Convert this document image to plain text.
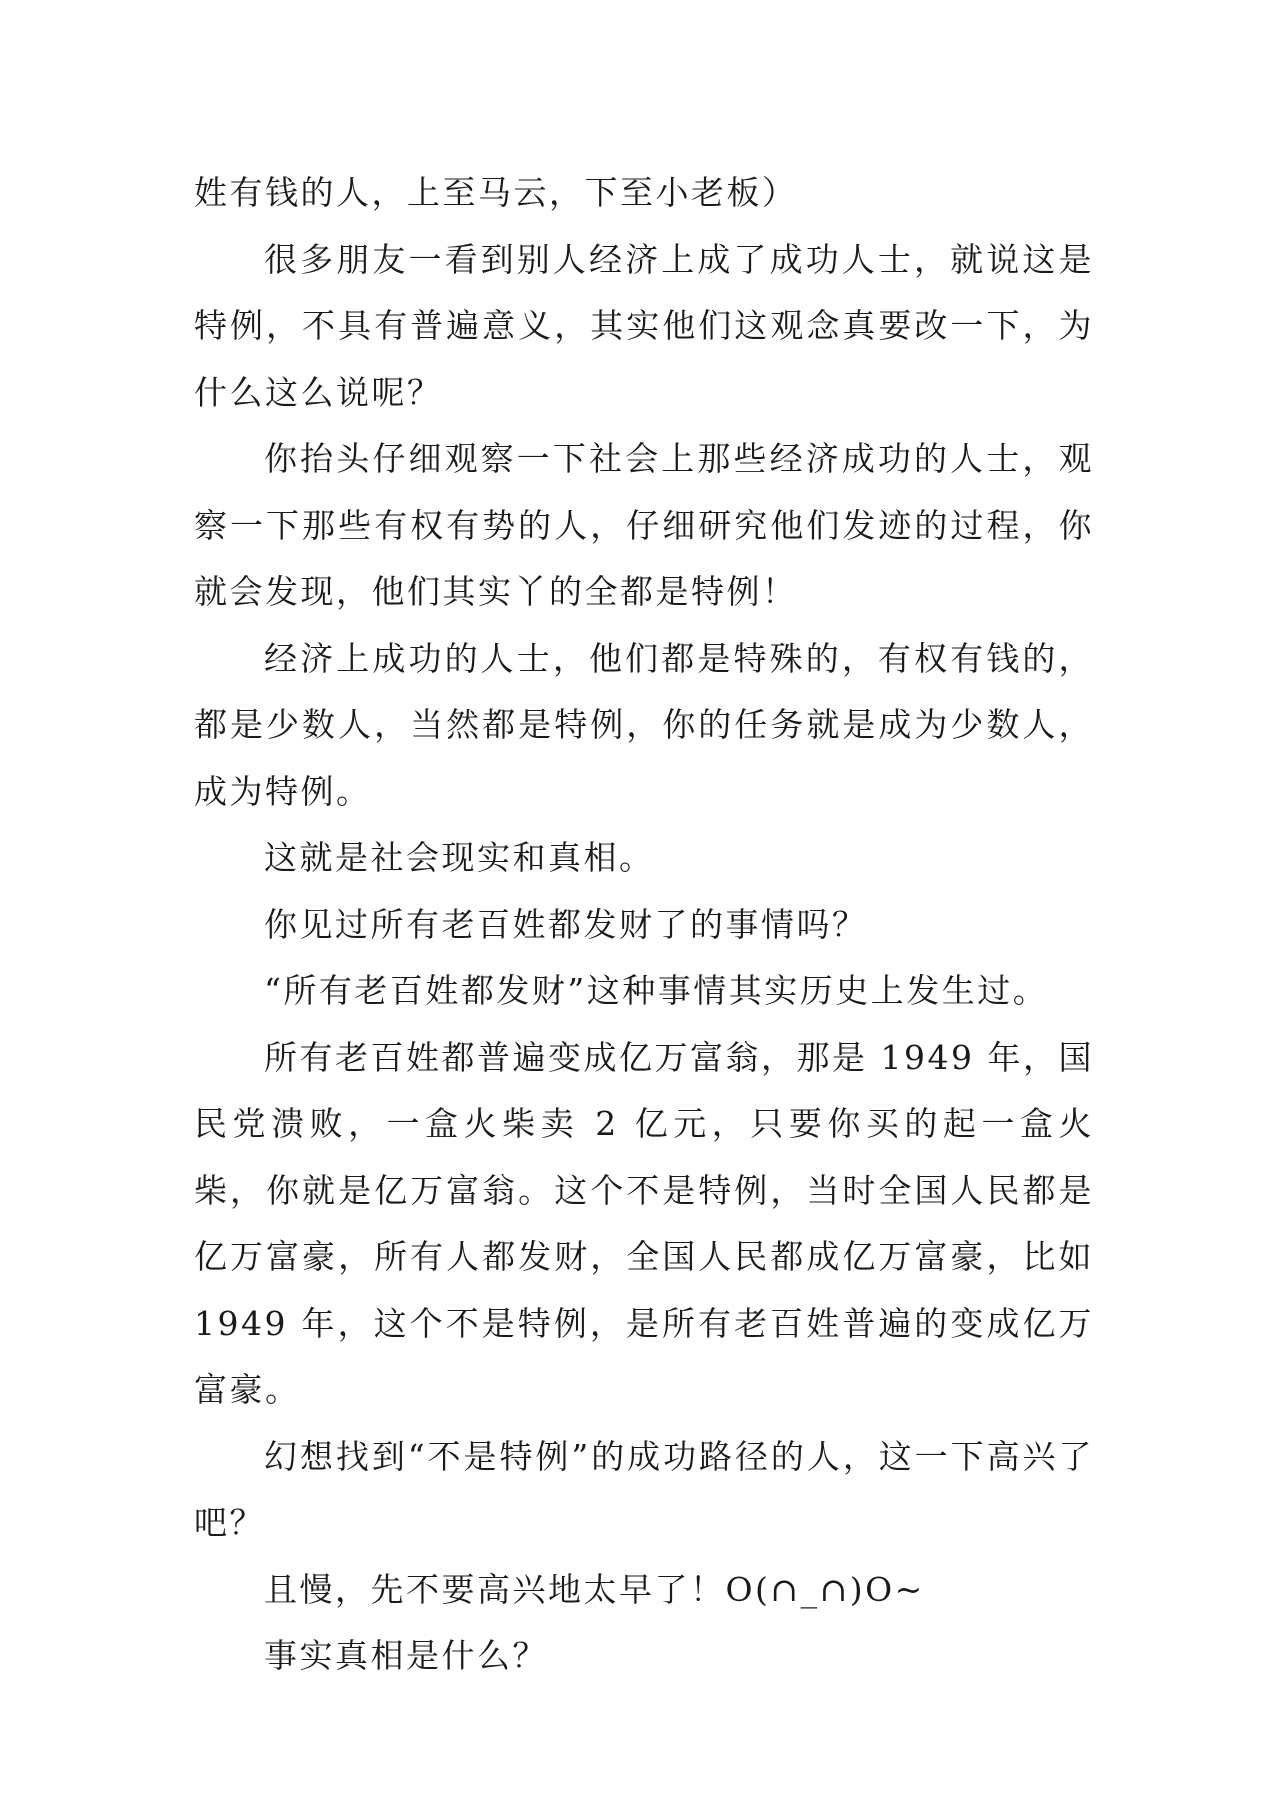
姓有钱的人，上至马云，下至小老板）

很多朋友一看到别人经济上成了成功人士，就说这是特例，不具有普遍意义，其实他们这观念真要改一下，为什么这么说呢？

你抬头仔细观察一下社会上那些经济成功的人士，观察一下那些有权有势的人，仔细研究他们发迹的过程，你就会发现，他们其实丫的全都是特例！

经济上成功的人士，他们都是特殊的，有权有钱的，都是少数人，当然都是特例，你的任务就是成为少数人，成为特例。

这就是社会现实和真相。

你见过所有老百姓都发财了的事情吗？

“所有老百姓都发财”这种事情其实历史上发生过。

所有老百姓都普遍变成亿万富翁，那是 1949 年，国民党溃败，一盒火柴卖 2 亿元，只要你买的起一盒火柴，你就是亿万富翁。这个不是特例，当时全国人民都是亿万富豪，所有人都发财，全国人民都成亿万富豪，比如 1949 年，这个不是特例，是所有老百姓普遍的变成亿万富豪。

幻想找到“不是特例”的成功路径的人，这一下高兴了吧？

且慢，先不要高兴地太早了！O(∩_∩)O~

事实真相是什么？
